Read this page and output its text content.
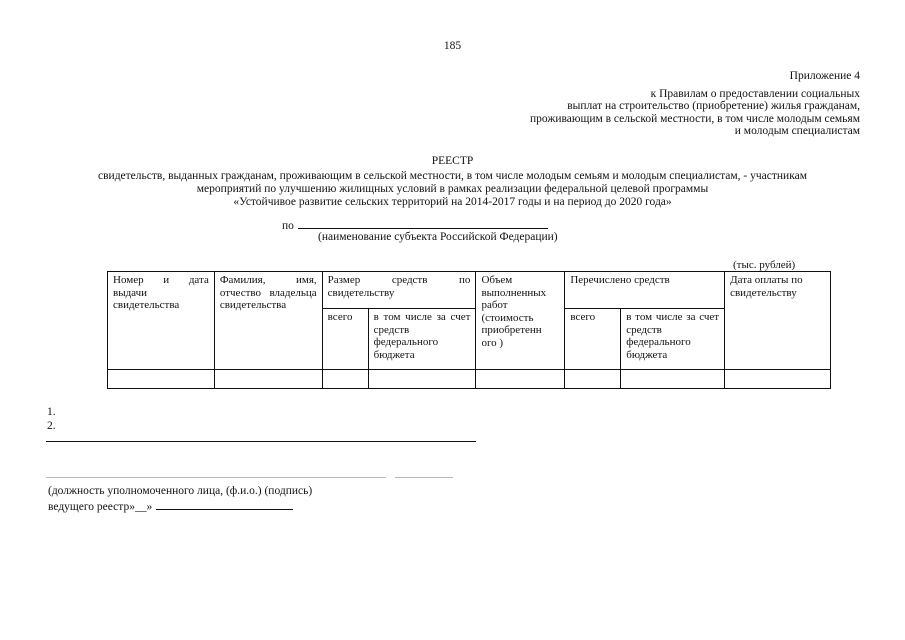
185
Приложение 4
к Правилам о предоставлении социальных
выплат на строительство (приобретение) жилья гражданам,
проживающим в сельской местности, в том числе молодым семьям
и молодым специалистам
РЕЕСТР
свидетельств, выданных гражданам, проживающим в сельской местности, в том числе молодым семьям и молодым специалистам, - участникам
мероприятий по улучшению жилищных условий в рамках реализации федеральной целевой программы
«Устойчивое развитие сельских территорий на 2014-2017 годы и на период до 2020 года»
по
(наименование субъекта Российской Федерации)
(тыс. рублей)
Номер и дата выдачи свидетельства	Фамилия, имя, отчество владельца свидетельства	Размер средств по свидетельству		Объем выполненных работ (стоимость приобретенн ого )	Перечислено средств		Дата оплаты по свидетельству
		всего	в том числе за счет средств федерального бюджета		всего	в том числе за счет средств федерального бюджета	

1.
2.
(должность уполномоченного лица, (ф.и.о.) (подпись)
ведущего реестр»__»
